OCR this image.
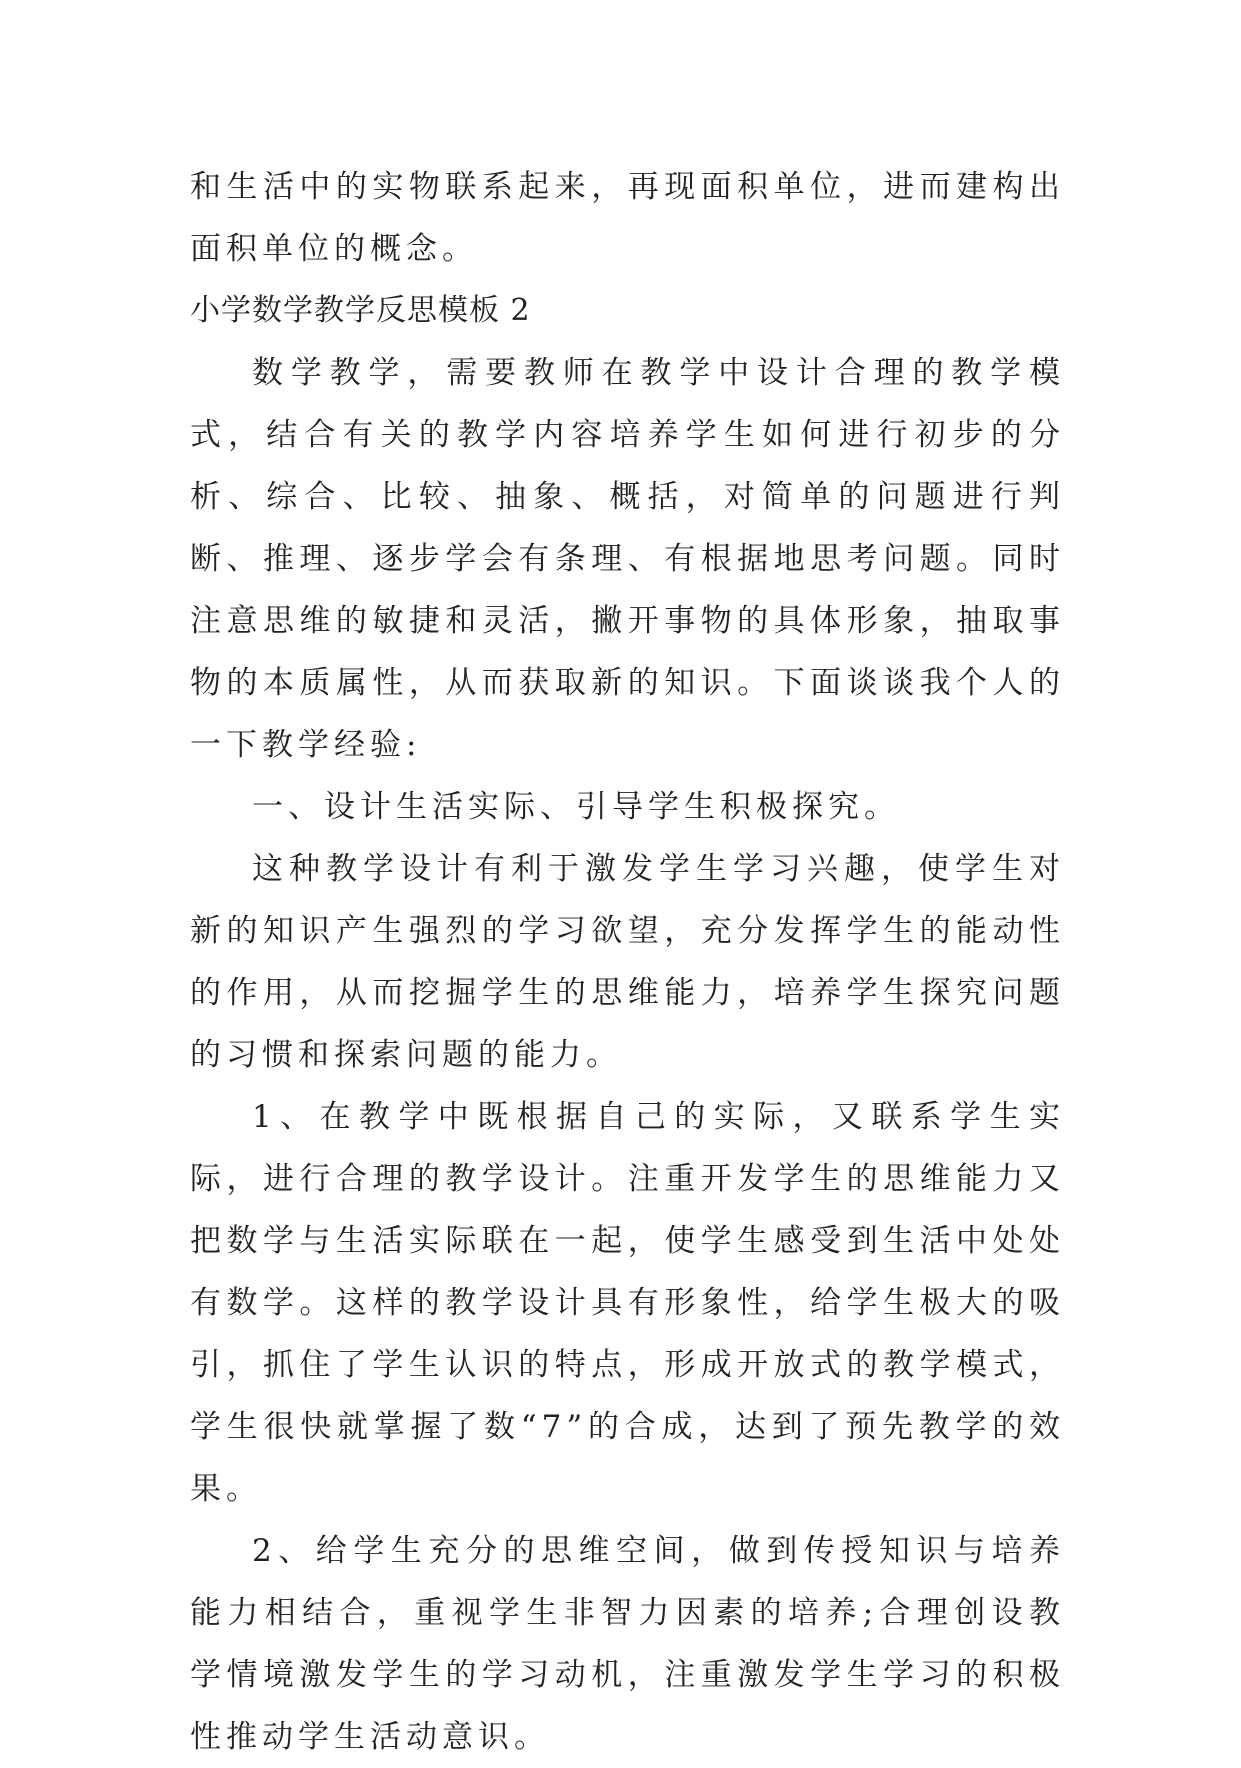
和生活中的实物联系起来，再现面积单位，进而建构出面积单位的概念。

小学数学教学反思模板 2

数学教学，需要教师在教学中设计合理的教学模式，结合有关的教学内容培养学生如何进行初步的分析、综合、比较、抽象、概括，对简单的问题进行判断、推理、逐步学会有条理、有根据地思考问题。同时注意思维的敏捷和灵活，撇开事物的具体形象，抽取事物的本质属性，从而获取新的知识。下面谈谈我个人的一下教学经验:

一、设计生活实际、引导学生积极探究。

这种教学设计有利于激发学生学习兴趣，使学生对新的知识产生强烈的学习欲望，充分发挥学生的能动性的作用，从而挖掘学生的思维能力，培养学生探究问题的习惯和探索问题的能力。

1、在教学中既根据自己的实际，又联系学生实际，进行合理的教学设计。注重开发学生的思维能力又把数学与生活实际联在一起，使学生感受到生活中处处有数学。这样的教学设计具有形象性，给学生极大的吸引，抓住了学生认识的特点，形成开放式的教学模式，学生很快就掌握了数“7”的合成，达到了预先教学的效果。

2、给学生充分的思维空间，做到传授知识与培养能力相结合，重视学生非智力因素的培养;合理创设教学情境激发学生的学习动机，注重激发学生学习的积极性推动学生活动意识。
